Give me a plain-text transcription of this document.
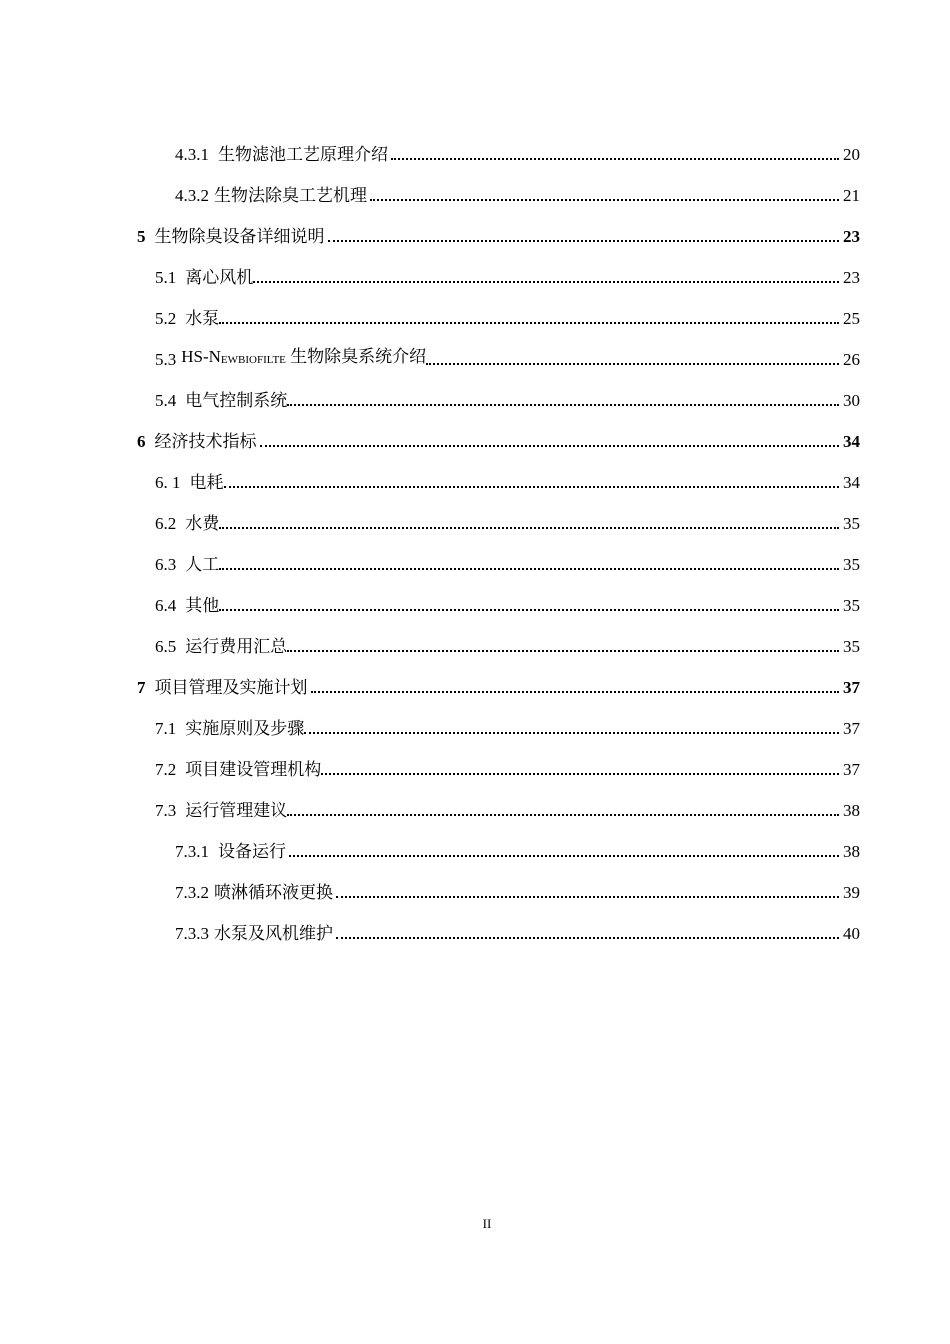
4.3.1 生物滤池工艺原理介绍	20
4.3.2 生物法除臭工艺机理	21
5 生物除臭设备详细说明	23
5.1 离心风机	23
5.2 水泵	25
5.3 $HS-N_{EWBIOFILTE}$ 生物除臭系统介绍	26
5.4 电气控制系统	30
6 经济技术指标	34
6. 1 电耗	34
6.2 水费	35
6.3 人工	35
6.4 其他	35
6.5 运行费用汇总	35
7 项目管理及实施计划	37
7.1 实施原则及步骤	37
7.2 项目建设管理机构	37
7.3 运行管理建议	38
7.3.1 设备运行	38
7.3.2 喷淋循环液更换	39
7.3.3 水泵及风机维护	40
II
